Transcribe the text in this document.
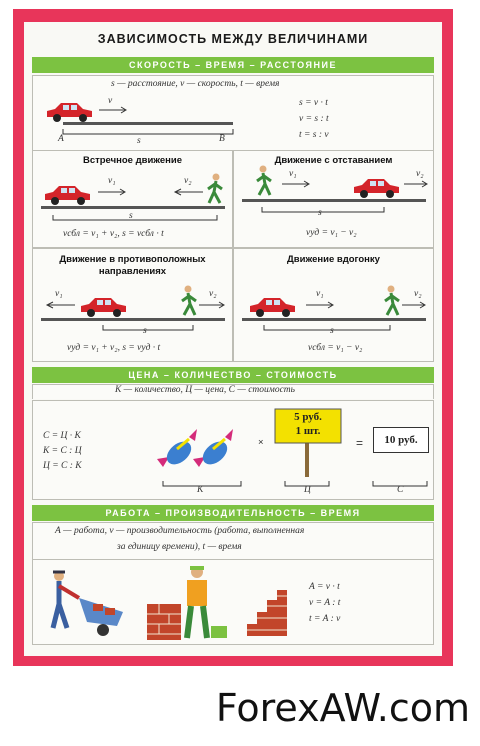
ЗАВИСИМОСТЬ МЕЖДУ ВЕЛИЧИНАМИ
СКОРОСТЬ – ВРЕМЯ – РАССТОЯНИЕ
s — расстояние, v — скорость, t — время
v
A	B
s
s = v · t
v = s : t
t = s : v
Встречное движение
v₁	v₂
s
vсбл = v₁ + v₂, s = vсбл · t
Движение с отставанием
v₁	v₂
s
vуд = v₁ − v₂
Движение в противоположных направлениях
v₁	v₂
s
vуд = v₁ + v₂, s = vуд · t
Движение вдогонку
v₁	v₂
s
vсбл = v₁ − v₂
ЦЕНА – КОЛИЧЕСТВО – СТОИМОСТЬ
К — количество, Ц — цена, С — стоимость
С = Ц · К
К = С : Ц
Ц = С : К
×
5 руб.
1 шт.
=	10 руб.
К	Ц	С
РАБОТА – ПРОИЗВОДИТЕЛЬНОСТЬ – ВРЕМЯ
А — работа, v — производительность (работа, выполненная
за единицу времени), t — время
A = v · t
v = A : t
t = A : v
ForexAW.com
